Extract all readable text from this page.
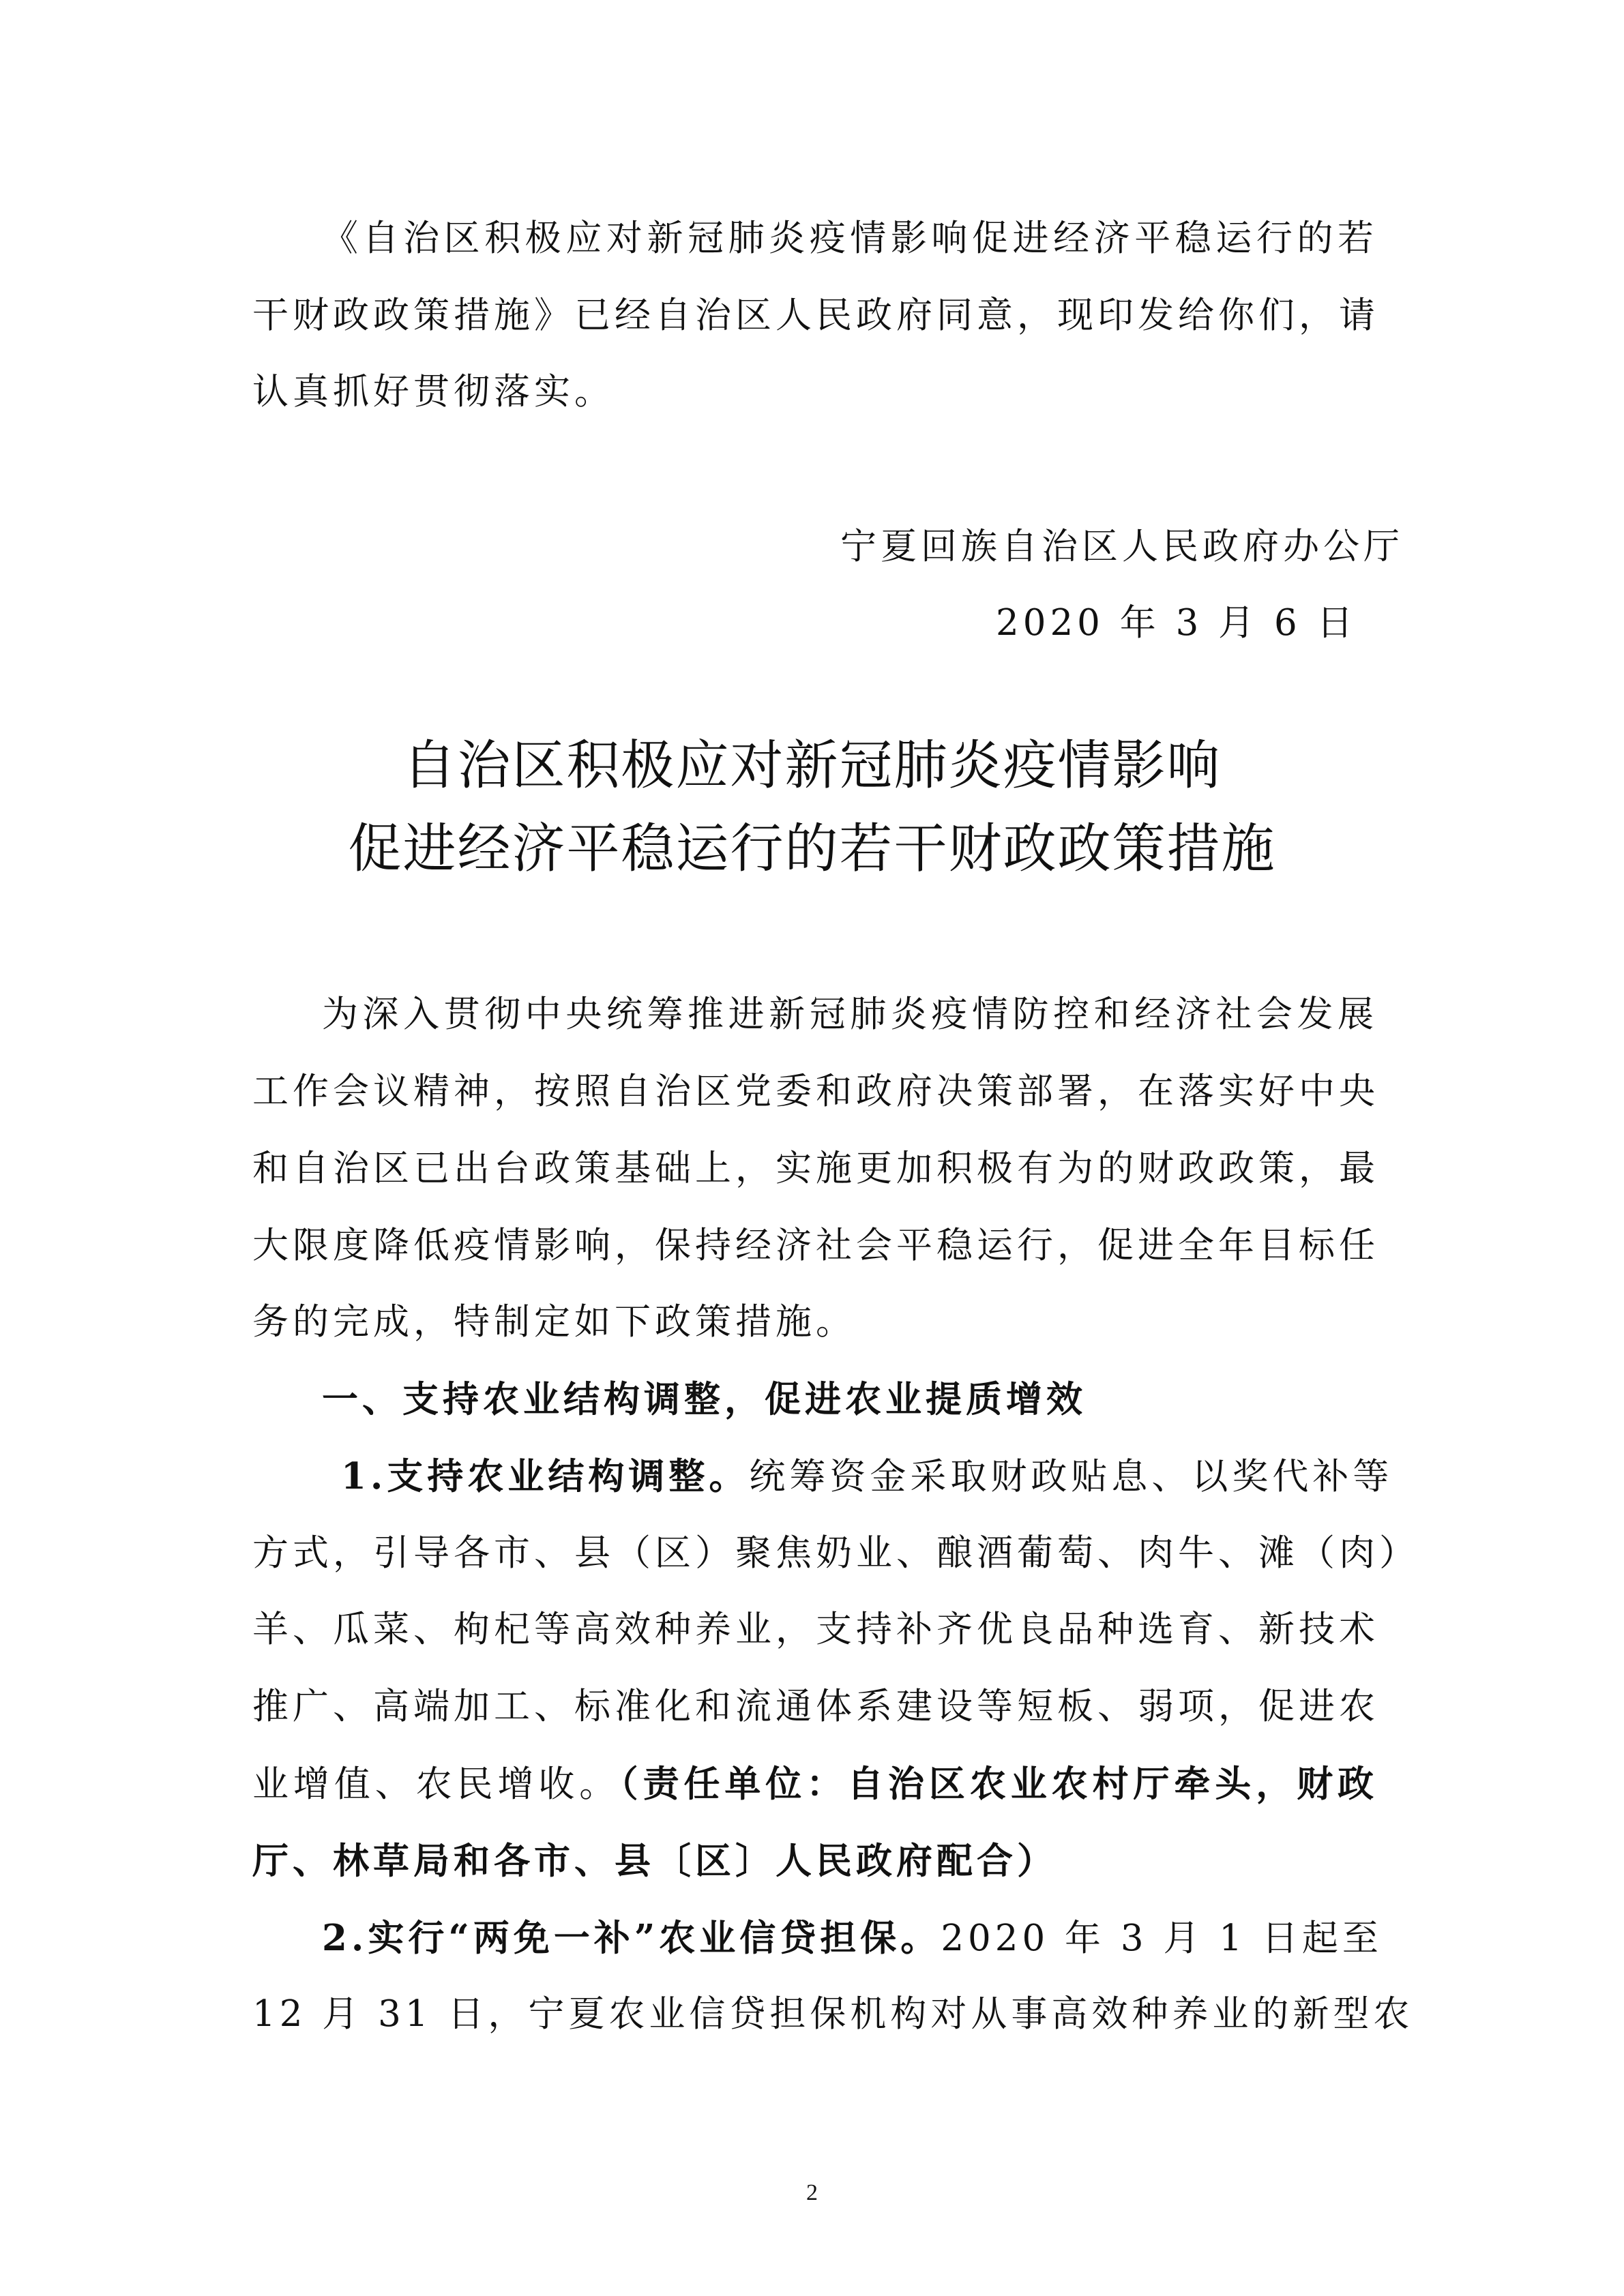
《自治区积极应对新冠肺炎疫情影响促进经济平稳运行的若
干财政政策措施》已经自治区人民政府同意，现印发给你们，请
认真抓好贯彻落实。
宁夏回族自治区人民政府办公厅
2020 年 3 月 6 日
自治区积极应对新冠肺炎疫情影响
促进经济平稳运行的若干财政政策措施
为深入贯彻中央统筹推进新冠肺炎疫情防控和经济社会发展
工作会议精神，按照自治区党委和政府决策部署，在落实好中央
和自治区已出台政策基础上，实施更加积极有为的财政政策，最
大限度降低疫情影响，保持经济社会平稳运行，促进全年目标任
务的完成，特制定如下政策措施。
一、支持农业结构调整，促进农业提质增效
1.支持农业结构调整。统筹资金采取财政贴息、以奖代补等
方式，引导各市、县（区）聚焦奶业、酿酒葡萄、肉牛、滩（肉）
羊、瓜菜、枸杞等高效种养业，支持补齐优良品种选育、新技术
推广、高端加工、标准化和流通体系建设等短板、弱项，促进农
业增值、农民增收。（责任单位：自治区农业农村厅牵头，财政
厅、林草局和各市、县〔区〕人民政府配合）
2.实行“两免一补”农业信贷担保。2020 年 3 月 1 日起至
12 月 31 日，宁夏农业信贷担保机构对从事高效种养业的新型农
2
